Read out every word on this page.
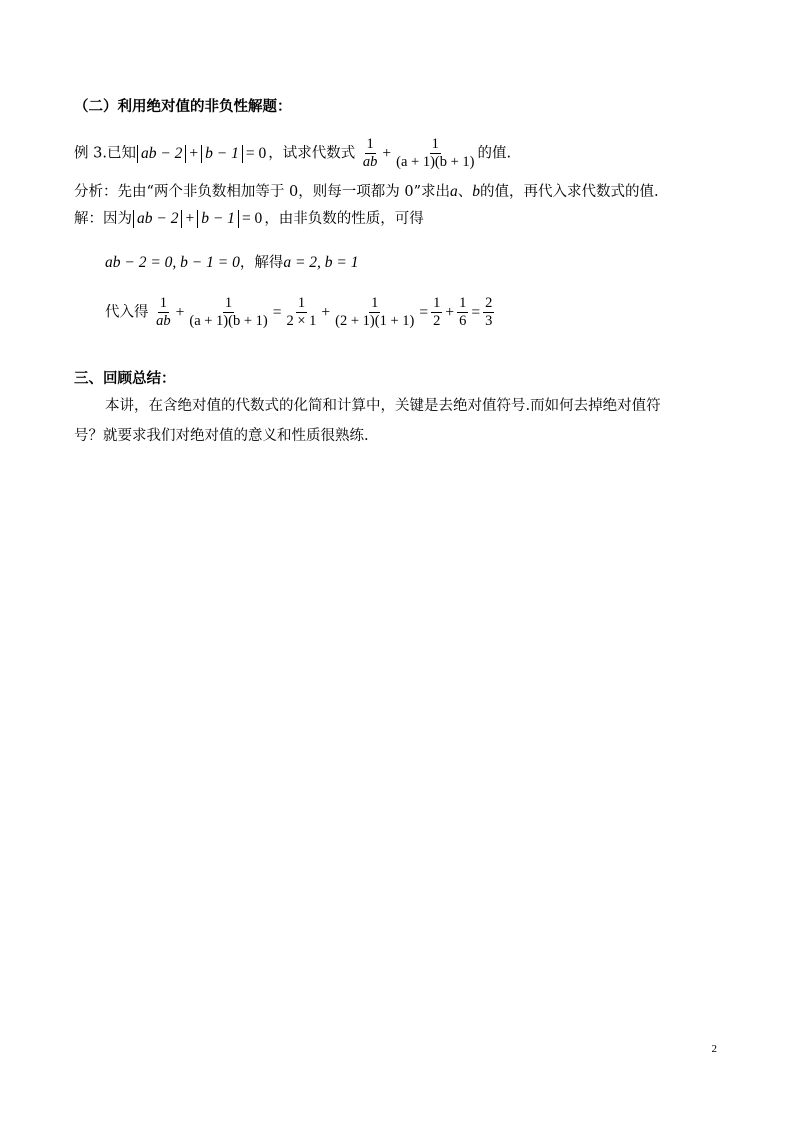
（二）利用绝对值的非负性解题：
例 3.已知 ab − 2 + b − 1 = 0 ，试求代数式 $\frac{1}{ab} + \frac{1}{(a + 1)(b + 1)}$ 的值.
分析：先由“两个非负数相加等于 0，则每一项都为 0”求出a、b的值，再代入求代数式的值.
解：因为 ab − 2 + b − 1 = 0 ，由非负数的性质，可得
ab − 2 = 0, b − 1 = 0，解得a = 2, b = 1
代入得 $\frac{1}{ab} + \frac{1}{(a + 1)(b + 1)} = \frac{1}{2 \times 1} + \frac{1}{(2 + 1)(1 + 1)} = \frac{1}{2} + \frac{1}{6} = \frac{2}{3}$
三、回顾总结：
本讲，在含绝对值的代数式的化简和计算中，关键是去绝对值符号.而如何去掉绝对值符
号？就要求我们对绝对值的意义和性质很熟练.
2
